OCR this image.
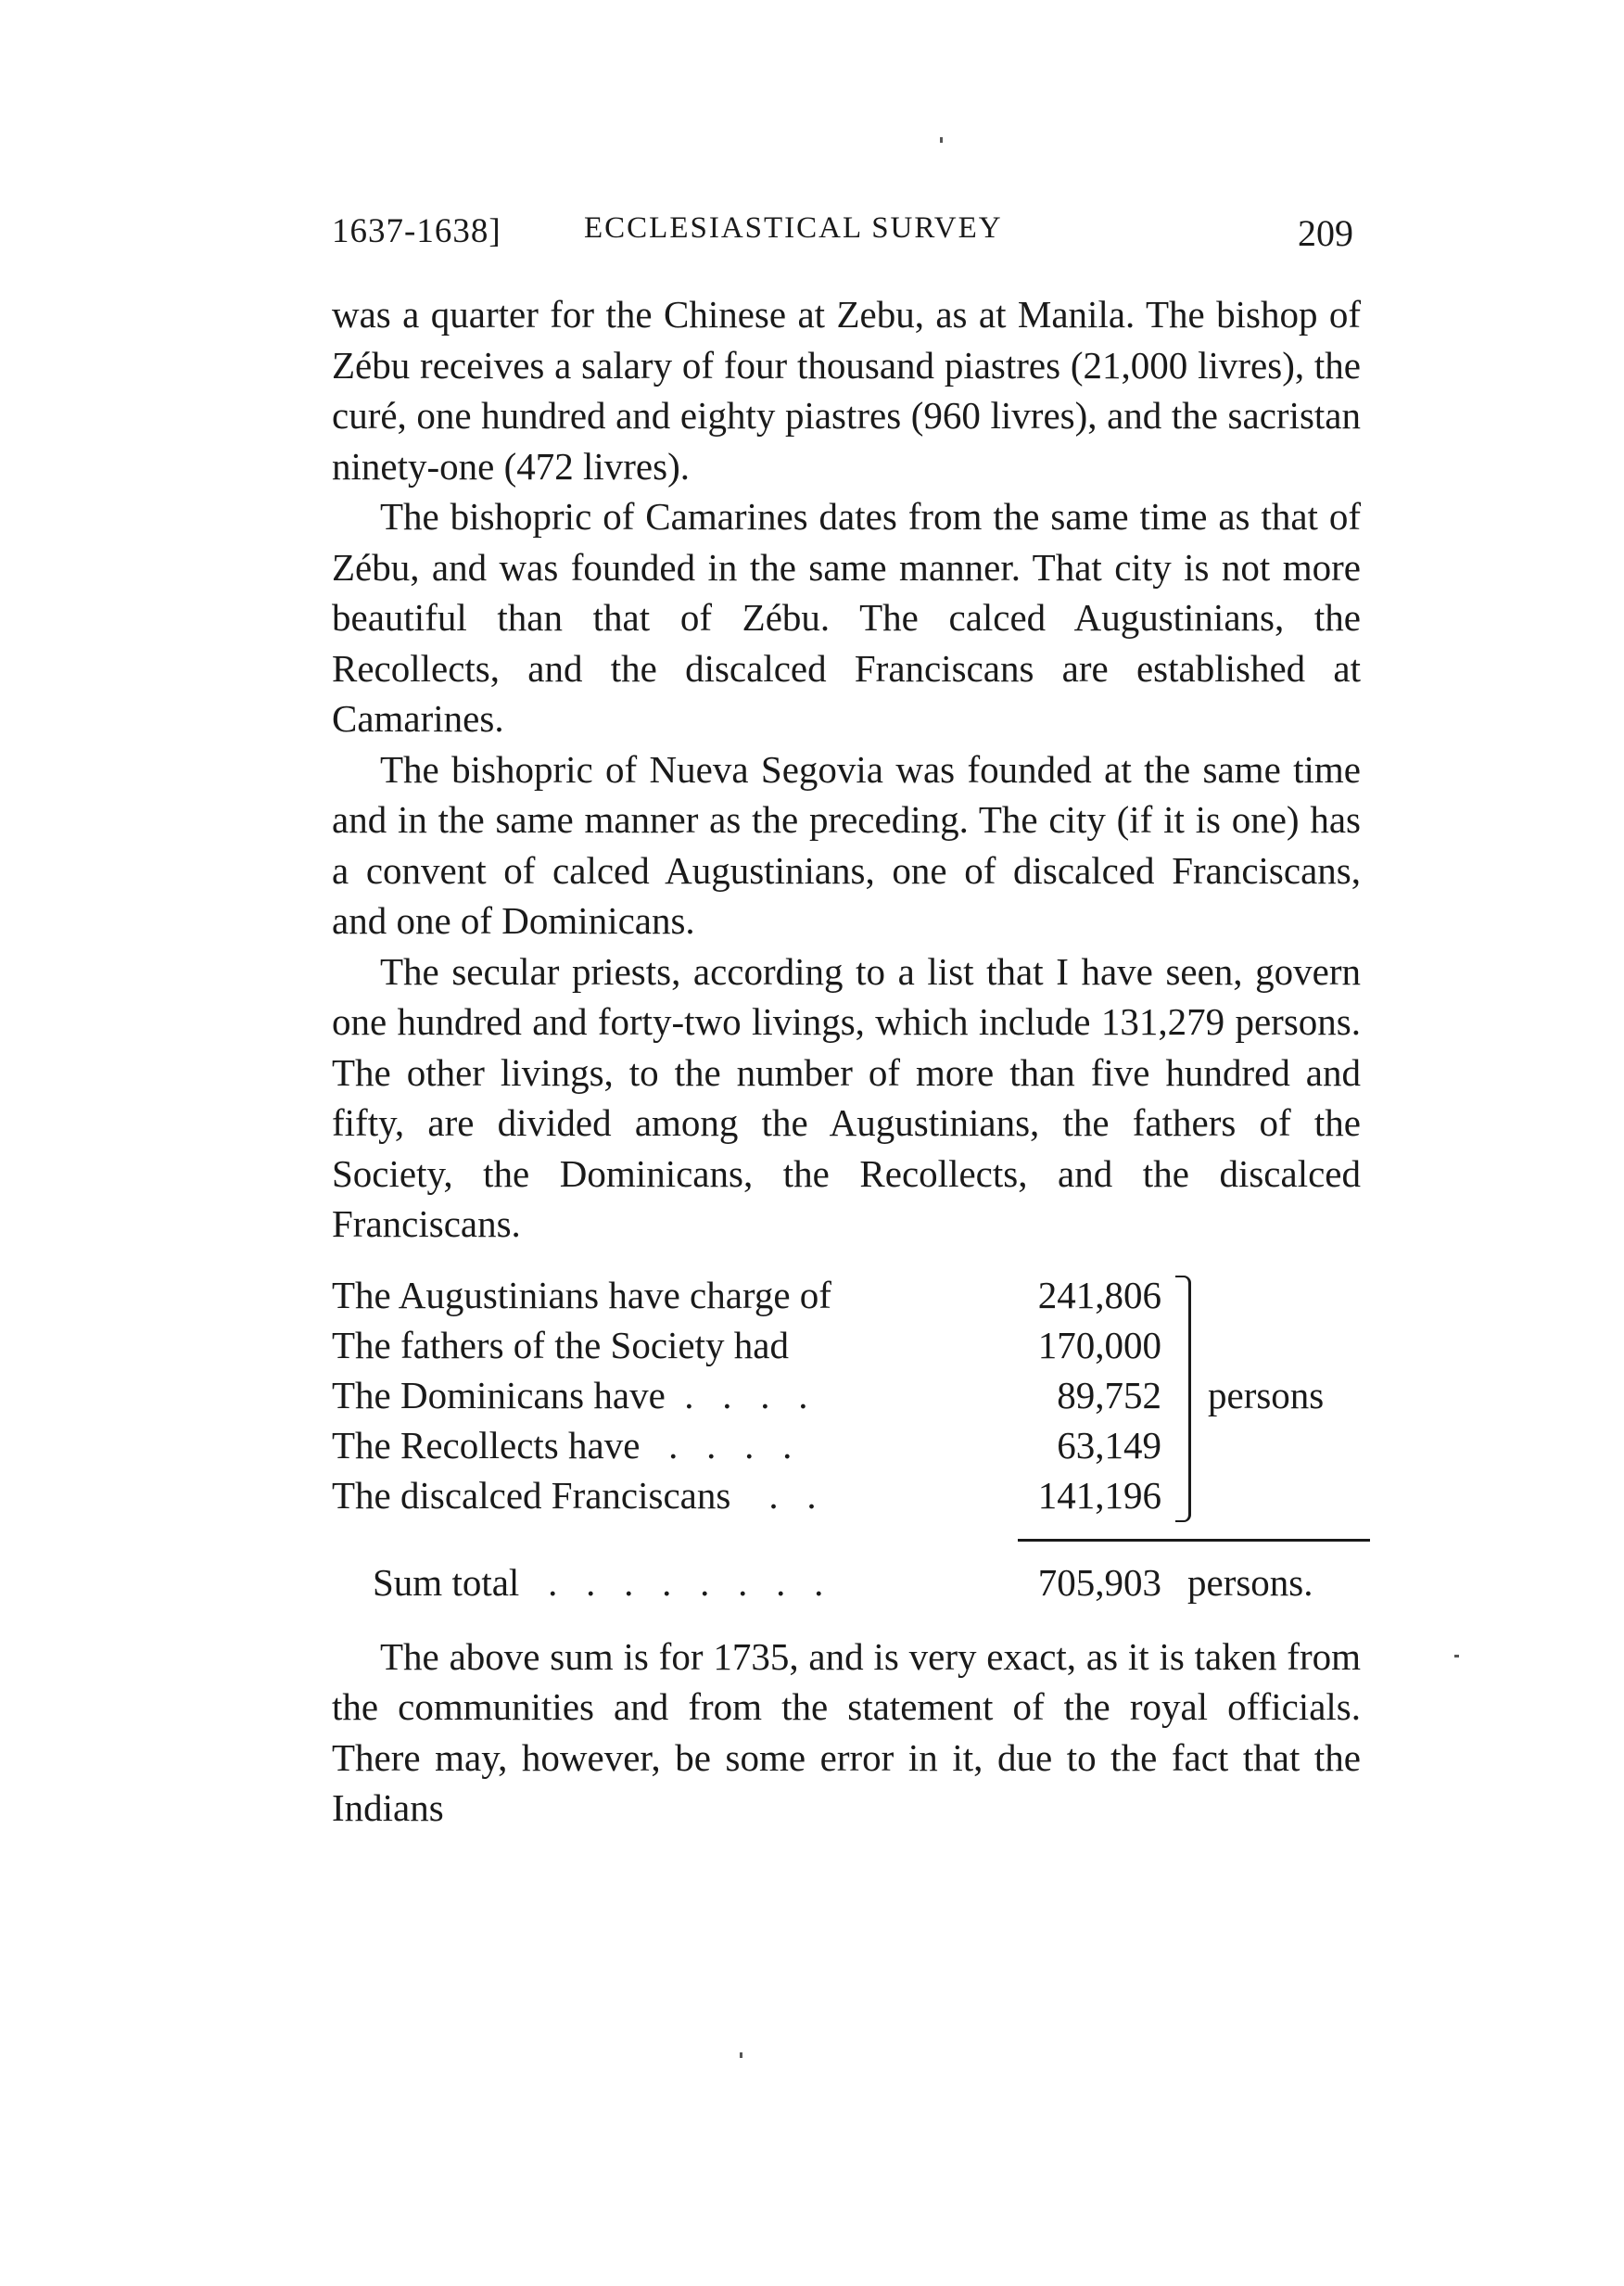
1637-1638]	ECCLESIASTICAL SURVEY	209

was a quarter for the Chinese at Zebu, as at Manila. The bishop of Zébu receives a salary of four thousand piastres (21,000 livres), the curé, one hundred and eighty piastres (960 livres), and the sacristan ninety-one (472 livres).

The bishopric of Camarines dates from the same time as that of Zébu, and was founded in the same manner. That city is not more beautiful than that of Zébu. The calced Augustinians, the Recollects, and the discalced Franciscans are established at Camarines.

The bishopric of Nueva Segovia was founded at the same time and in the same manner as the preceding. The city (if it is one) has a convent of calced Augustinians, one of discalced Franciscans, and one of Dominicans.

The secular priests, according to a list that I have seen, govern one hundred and forty-two livings, which include 131,279 persons. The other livings, to the number of more than five hundred and fifty, are divided among the Augustinians, the fathers of the Society, the Dominicans, the Recollects, and the discalced Franciscans.

The Augustinians have charge of	241,806
The fathers of the Society had	170,000
The Dominicans have  .   .   .   .	89,752
The Recollects have   .   .   .   .	63,149
The discalced Franciscans    .   .	141,196
persons
Sum total   .   .   .   .   .   .   .   .	705,903 persons.

The above sum is for 1735, and is very exact, as it is taken from the communities and from the statement of the royal officials. There may, however, be some error in it, due to the fact that the Indians
